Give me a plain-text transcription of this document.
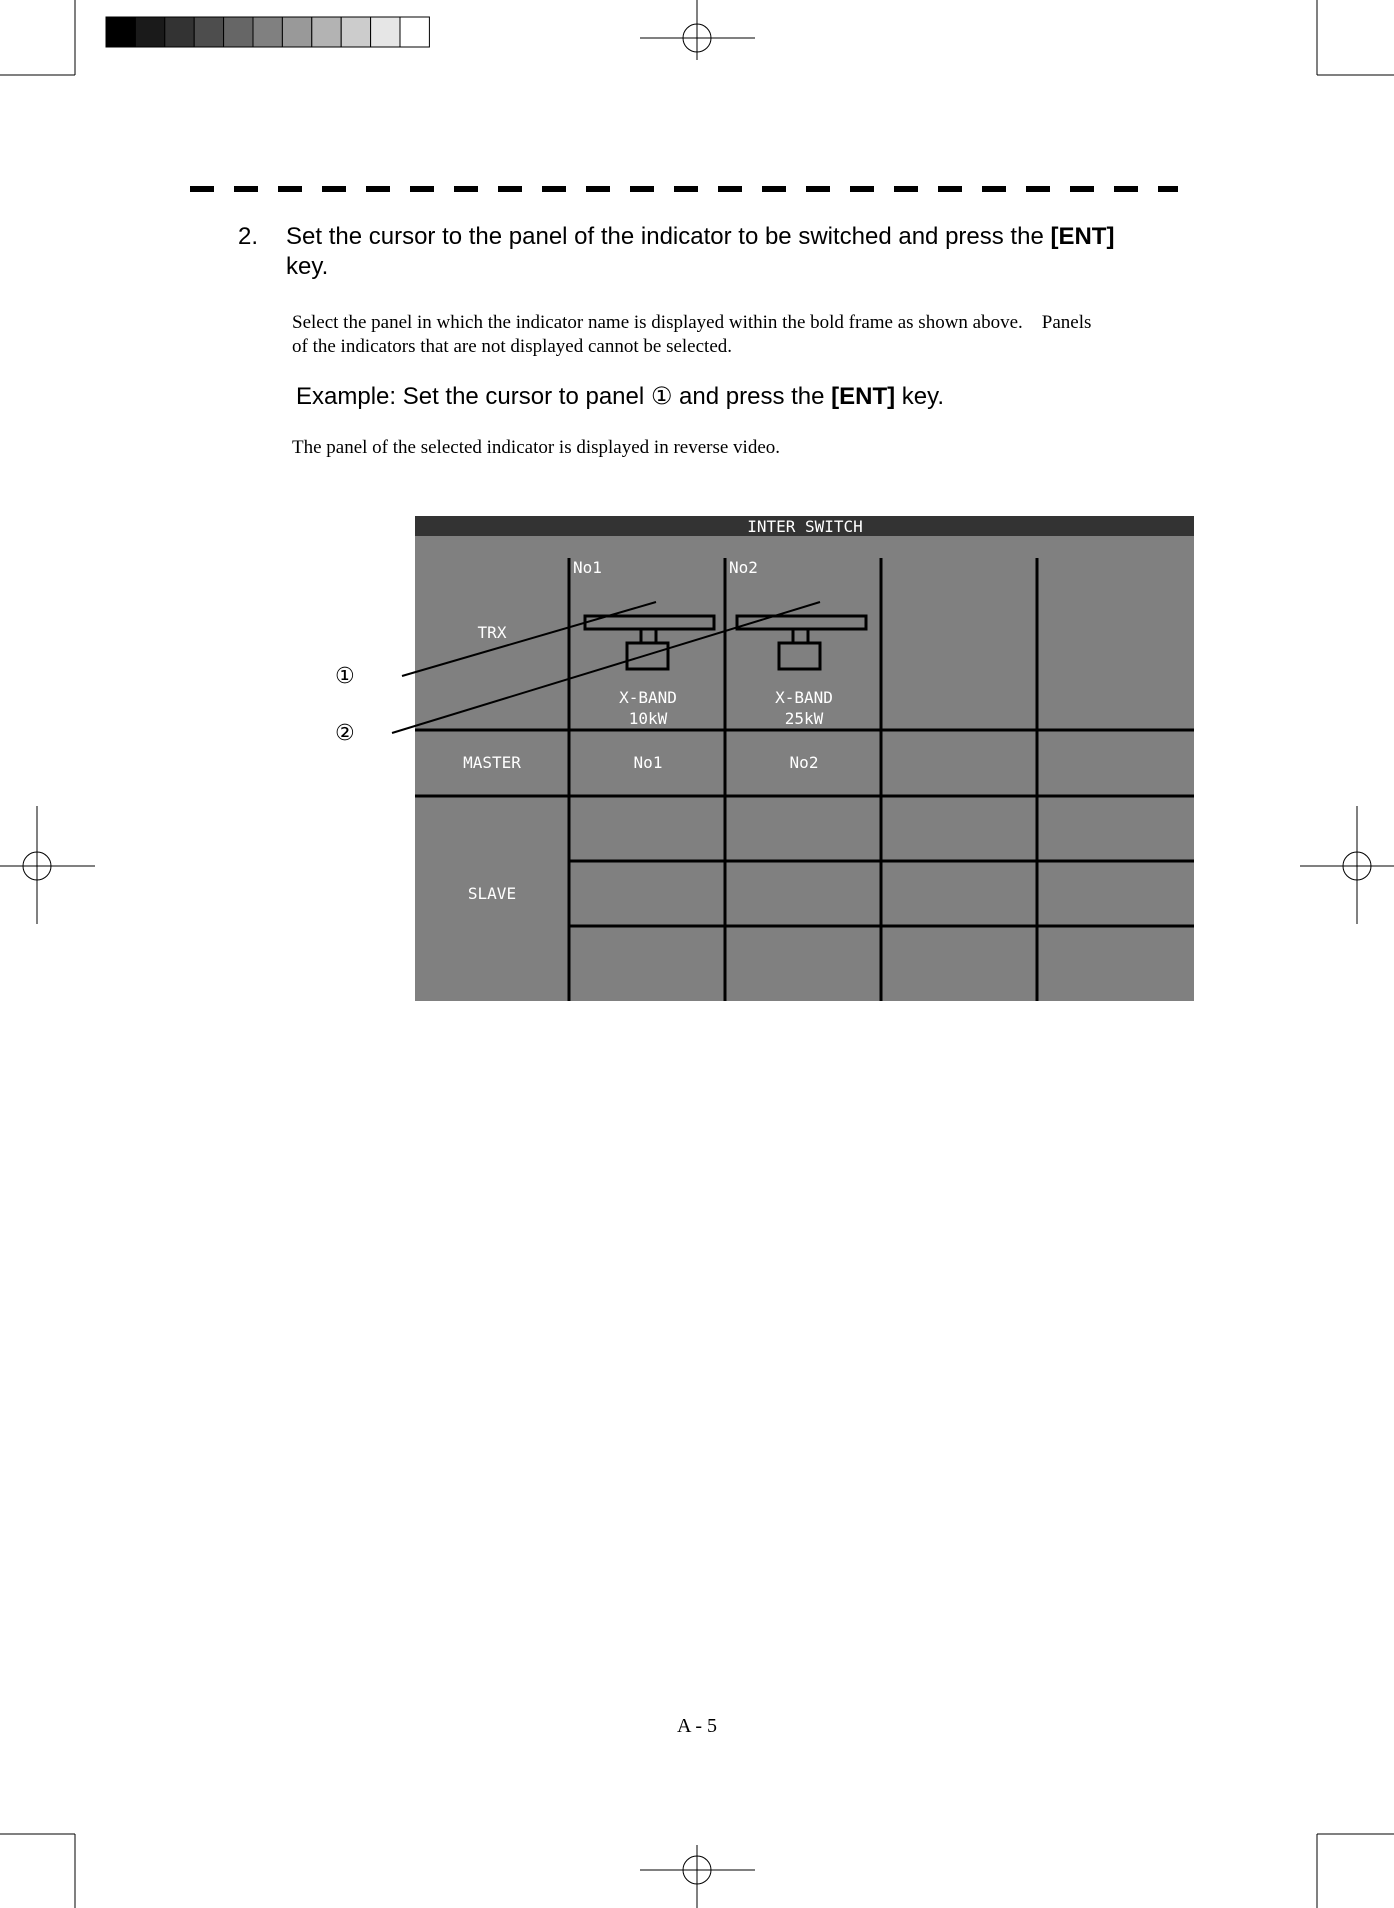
2. Set the cursor to the panel of the indicator to be switched and press the [ENT]
key.
Select the panel in which the indicator name is displayed within the bold frame as shown above.    Panels
of the indicators that are not displayed cannot be selected.
Example: Set the cursor to panel ① and press the [ENT] key.
The panel of the selected indicator is displayed in reverse video.
INTER SWITCH
No1	No2
TRX
MASTER
SLAVE
X-BAND
10kW
X-BAND
25kW
No1	No2
①
②
A - 5
